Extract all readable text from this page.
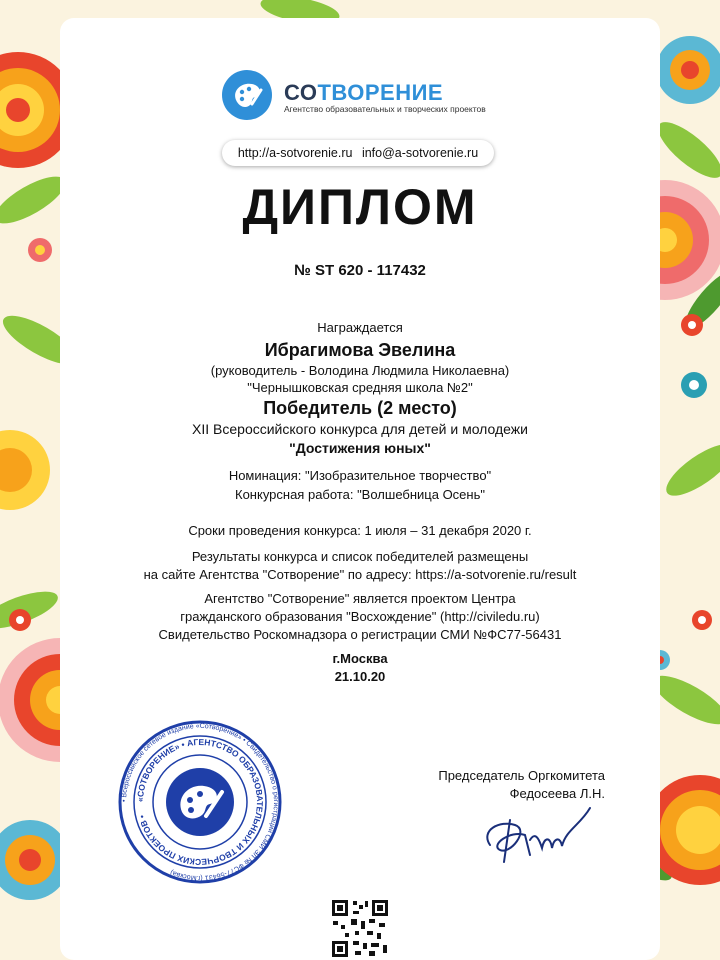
СОТВОРЕНИЕ
Агентство образовательных и творческих проектов
http://a-sotvorenie.ru info@a-sotvorenie.ru
ДИПЛОМ
№ ST 620 - 117432
Награждается
Ибрагимова Эвелина
(руководитель - Володина Людмила Николаевна)
"Чернышковская средняя школа №2"
Победитель (2 место)
XII Всероссийского конкурса для детей и молодежи
"Достижения юных"
Номинация: "Изобразительное творчество"
Конкурсная работа: "Волшебница Осень"
Сроки проведения конкурса: 1 июля – 31 декабря 2020 г.
Результаты конкурса и список победителей размещены
на сайте Агентства "Сотворение" по адресу: https://a-sotvorenie.ru/result
Агентство "Сотворение" является проектом Центра
гражданского образования "Восхождение" (http://civiledu.ru)
Свидетельство Роскомнадзора о регистрации СМИ №ФС77-56431
г.Москва
21.10.20
• Всероссийское сетевое издание «Сотворение» • Свидетельство о регистрации СМИ ЭЛ № ФС77-56431 (г.Москва)
«СОТВОРЕНИЕ» • АГЕНТСТВО ОБРАЗОВАТЕЛЬНЫХ И ТВОРЧЕСКИХ ПРОЕКТОВ •
Председатель Оргкомитета
Федосеева Л.Н.
